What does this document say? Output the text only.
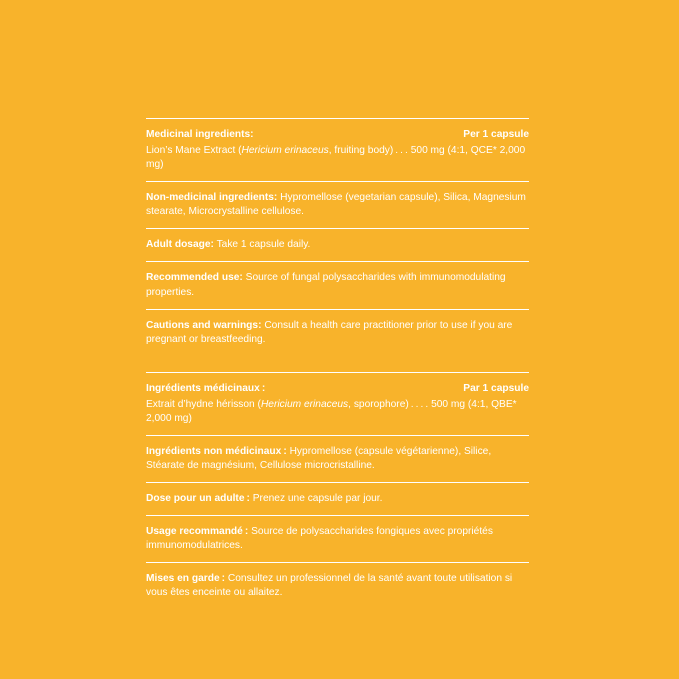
Medicinal ingredients:	Per 1 capsule
Lion’s Mane Extract (Hericium erinaceus, fruiting body) . . . 500 mg (4:1, QCE* 2,000 mg)
Non-medicinal ingredients: Hypromellose (vegetarian capsule), Silica, Magnesium stearate, Microcrystalline cellulose.
Adult dosage: Take 1 capsule daily.
Recommended use: Source of fungal polysaccharides with immunomodulating properties.
Cautions and warnings: Consult a health care practitioner prior to use if you are pregnant or breastfeeding.
Ingrédients médicinaux :	Par 1 capsule
Extrait d’hydne hérisson (Hericium erinaceus, sporophore) . . . . 500 mg (4:1, QBE* 2,000 mg)
Ingrédients non médicinaux : Hypromellose (capsule végétarienne), Silice, Stéarate de magnésium, Cellulose microcristalline.
Dose pour un adulte : Prenez une capsule par jour.
Usage recommandé : Source de polysaccharides fongiques avec propriétés immunomodulatrices.
Mises en garde : Consultez un professionnel de la santé avant toute utilisation si vous êtes enceinte ou allaitez.
